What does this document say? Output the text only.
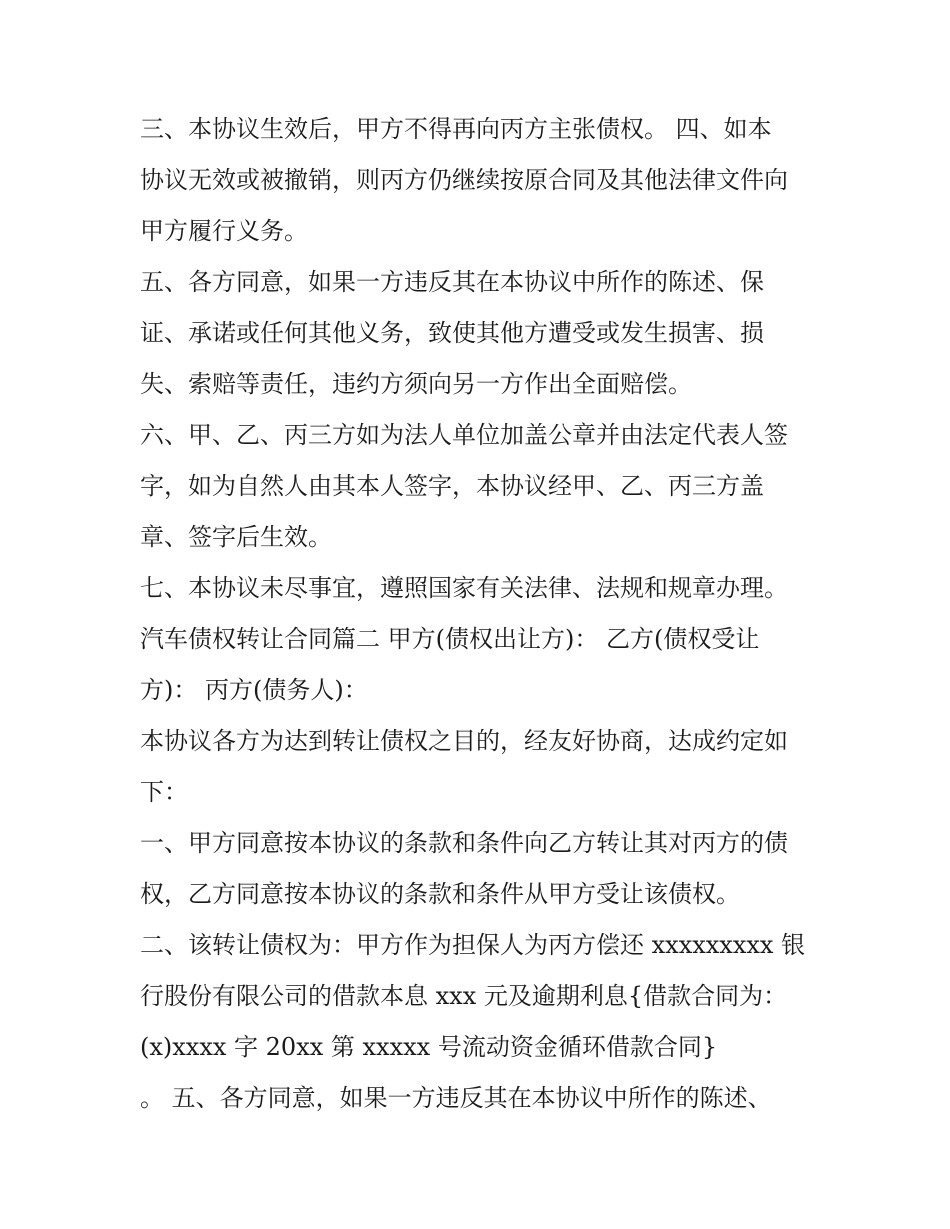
三、本协议生效后，甲方不得再向丙方主张债权。 四、如本
协议无效或被撤销，则丙方仍继续按原合同及其他法律文件向
甲方履行义务。
五、各方同意，如果一方违反其在本协议中所作的陈述、保
证、承诺或任何其他义务，致使其他方遭受或发生损害、损
失、索赔等责任，违约方须向另一方作出全面赔偿。
六、甲、乙、丙三方如为法人单位加盖公章并由法定代表人签
字，如为自然人由其本人签字，本协议经甲、乙、丙三方盖
章、签字后生效。
七、本协议未尽事宜，遵照国家有关法律、法规和规章办理。
汽车债权转让合同篇二 甲方(债权出让方)： 乙方(债权受让
方)： 丙方(债务人)：
本协议各方为达到转让债权之目的，经友好协商，达成约定如
下：
一、甲方同意按本协议的条款和条件向乙方转让其对丙方的债
权，乙方同意按本协议的条款和条件从甲方受让该债权。
二、该转让债权为：甲方作为担保人为丙方偿还 xxxxxxxxx 银
行股份有限公司的借款本息 xxx 元及逾期利息{借款合同为：
(x)xxxx 字 20xx 第 xxxxx 号流动资金循环借款合同}
。 五、各方同意，如果一方违反其在本协议中所作的陈述、
